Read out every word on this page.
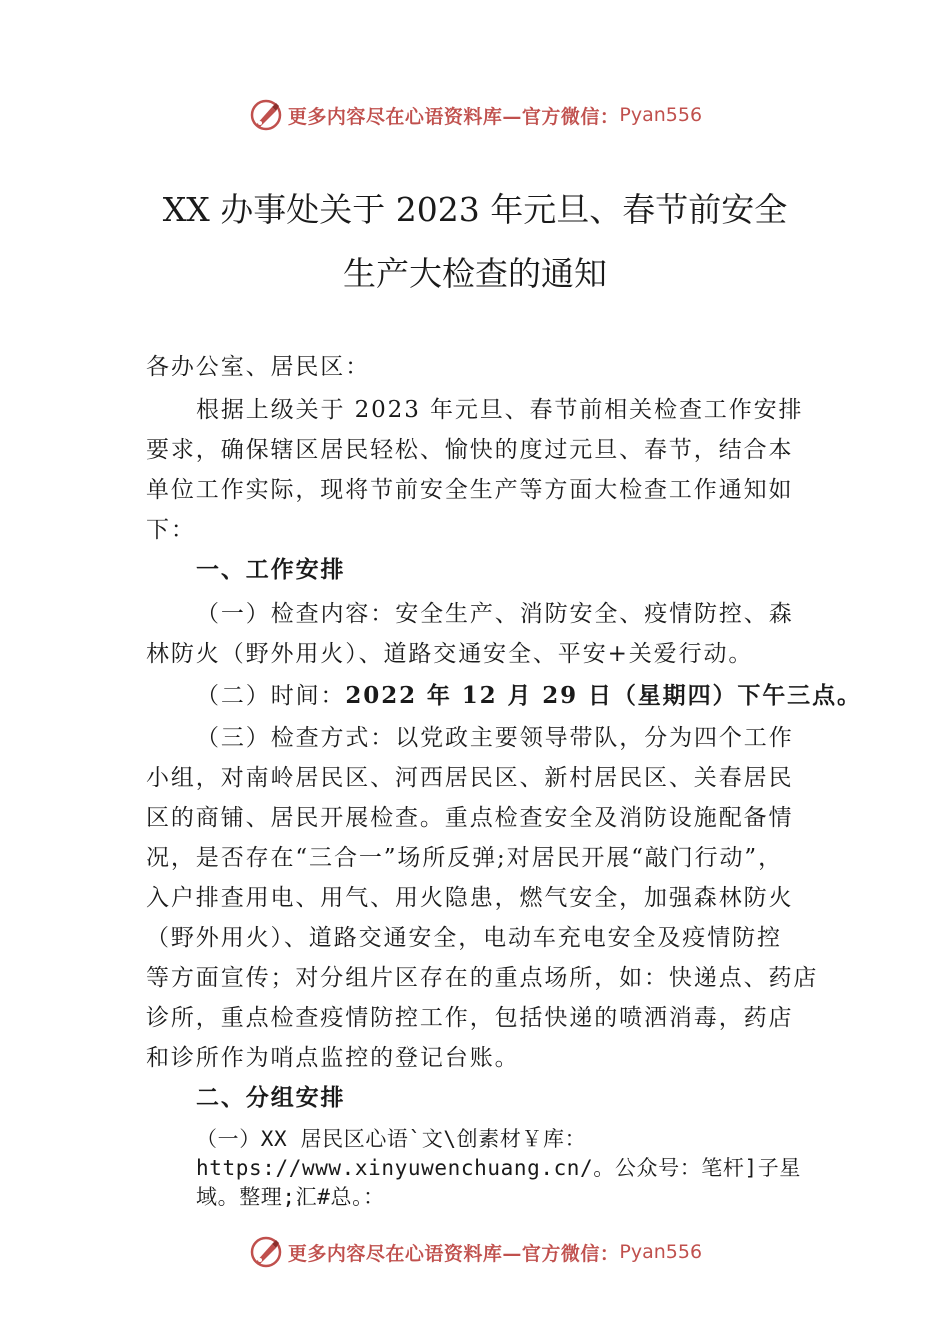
更多内容尽在心语资料库—官方微信： Pyan556
XX 办事处关于 2023 年元旦、春节前安全
生产大检查的通知
各办公室、居民区：
根据上级关于 2023 年元旦、春节前相关检查工作安排
要求，确保辖区居民轻松、愉快的度过元旦、春节，结合本
单位工作实际，现将节前安全生产等方面大检查工作通知如
下：
一、工作安排
（一）检查内容：安全生产、消防安全、疫情防控、森
林防火（野外用火）、道路交通安全、平安+关爱行动。
（二）时间：2022 年 12 月 29 日（星期四）下午三点。
（三）检查方式：以党政主要领导带队，分为四个工作
小组，对南岭居民区、河西居民区、新村居民区、关春居民
区的商铺、居民开展检查。重点检查安全及消防设施配备情
况，是否存在“三合一”场所反弹;对居民开展“敲门行动”，
入户排查用电、用气、用火隐患，燃气安全，加强森林防火
（野外用火）、道路交通安全，电动车充电安全及疫情防控
等方面宣传；对分组片区存在的重点场所，如：快递点、药店
诊所，重点检查疫情防控工作，包括快递的喷洒消毒，药店
和诊所作为哨点监控的登记台账。
二、分组安排
（一）XX 居民区心语`文\创素材￥库：
https://www.xinyuwenchuang.cn/。公众号：笔杆]子星
域。整理;汇#总。：
更多内容尽在心语资料库—官方微信： Pyan556
